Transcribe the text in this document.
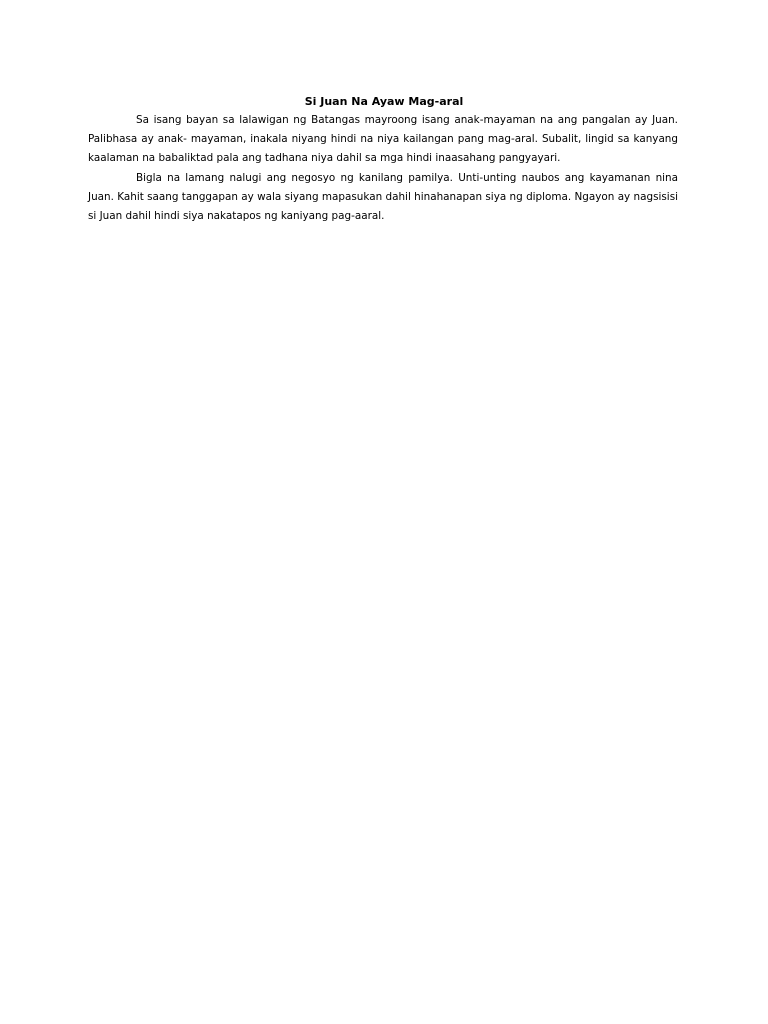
Si Juan Na Ayaw Mag-aral

Sa isang bayan sa lalawigan ng Batangas mayroong isang anak-mayaman na ang pangalan ay Juan. Palibhasa ay anak- mayaman, inakala niyang hindi na niya kailangan pang mag-aral. Subalit, lingid sa kanyang kaalaman na babaliktad pala ang tadhana niya dahil sa mga hindi inaasahang pangyayari.

Bigla na lamang nalugi ang negosyo ng kanilang pamilya. Unti-unting naubos ang kayamanan nina Juan. Kahit saang tanggapan ay wala siyang mapasukan dahil hinahanapan siya ng diploma. Ngayon ay nagsisisi si Juan dahil hindi siya nakatapos ng kaniyang pag-aaral.
